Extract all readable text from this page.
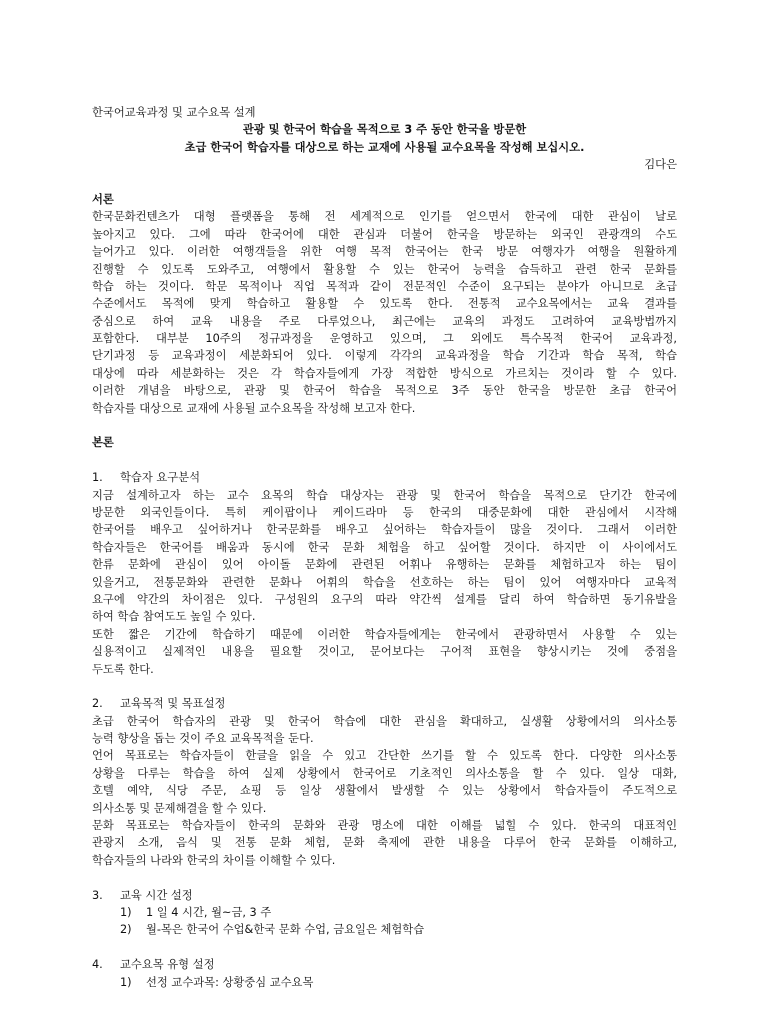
한국어교육과정 및 교수요목 설계
관광 및 한국어 학습을 목적으로 3 주 동안 한국을 방문한
초급 한국어 학습자를 대상으로 하는 교재에 사용될 교수요목을 작성해 보십시오.
김다은
서론
한국문화컨텐츠가 대형 플랫폼을 통해 전 세계적으로 인기를 얻으면서 한국에 대한 관심이 날로
높아지고 있다. 그에 따라 한국어에 대한 관심과 더불어 한국을 방문하는 외국인 관광객의 수도
늘어가고 있다. 이러한 여행객들을 위한 여행 목적 한국어는 한국 방문 여행자가 여행을 원활하게
진행할 수 있도록 도와주고, 여행에서 활용할 수 있는 한국어 능력을 습득하고 관련 한국 문화를
학습 하는 것이다. 학문 목적이나 직업 목적과 같이 전문적인 수준이 요구되는 분야가 아니므로 초급
수준에서도 목적에 맞게 학습하고 활용할 수 있도록 한다. 전통적 교수요목에서는 교육 결과를
중심으로 하여 교육 내용을 주로 다루었으나, 최근에는 교육의 과정도 고려하여 교육방법까지
포함한다. 대부분 10주의 정규과정을 운영하고 있으며, 그 외에도 특수목적 한국어 교육과정,
단기과정 등 교육과정이 세분화되어 있다. 이렇게 각각의 교육과정을 학습 기간과 학습 목적, 학습
대상에 따라 세분화하는 것은 각 학습자들에게 가장 적합한 방식으로 가르치는 것이라 할 수 있다.
이러한 개념을 바탕으로, 관광 및 한국어 학습을 목적으로 3주 동안 한국을 방문한 초급 한국어
학습자를 대상으로 교재에 사용될 교수요목을 작성해 보고자 한다.
본론
1. 학습자 요구분석
지금 설계하고자 하는 교수 요목의 학습 대상자는 관광 및 한국어 학습을 목적으로 단기간 한국에
방문한 외국인들이다. 특히 케이팝이나 케이드라마 등 한국의 대중문화에 대한 관심에서 시작해
한국어를 배우고 싶어하거나 한국문화를 배우고 싶어하는 학습자들이 많을 것이다. 그래서 이러한
학습자들은 한국어를 배움과 동시에 한국 문화 체험을 하고 싶어할 것이다. 하지만 이 사이에서도
한류 문화에 관심이 있어 아이돌 문화에 관련된 어휘나 유행하는 문화를 체험하고자 하는 팀이
있을거고, 전통문화와 관련한 문화나 어휘의 학습을 선호하는 하는 팀이 있어 여행자마다 교육적
요구에 약간의 차이점은 있다. 구성원의 요구의 따라 약간씩 설계를 달리 하여 학습하면 동기유발을
하여 학습 참여도도 높일 수 있다.
또한 짧은 기간에 학습하기 때문에 이러한 학습자들에게는 한국에서 관광하면서 사용할 수 있는
실용적이고 실제적인 내용을 필요할 것이고, 문어보다는 구어적 표현을 향상시키는 것에 중점을
두도록 한다.
2. 교육목적 및 목표설정
초급 한국어 학습자의 관광 및 한국어 학습에 대한 관심을 확대하고, 실생활 상황에서의 의사소통
능력 향상을 돕는 것이 주요 교육목적을 둔다.
언어 목표로는 학습자들이 한글을 읽을 수 있고 간단한 쓰기를 할 수 있도록 한다. 다양한 의사소통
상황을 다루는 학습을 하여 실제 상황에서 한국어로 기초적인 의사소통을 할 수 있다. 일상 대화,
호텔 예약, 식당 주문, 쇼핑 등 일상 생활에서 발생할 수 있는 상황에서 학습자들이 주도적으로
의사소통 및 문제해결을 할 수 있다.
문화 목표로는 학습자들이 한국의 문화와 관광 명소에 대한 이해를 넓힐 수 있다. 한국의 대표적인
관광지 소개, 음식 및 전통 문화 체험, 문화 축제에 관한 내용을 다루어 한국 문화를 이해하고,
학습자들의 나라와 한국의 차이를 이해할 수 있다.
3. 교육 시간 설정
1) 1 일 4 시간, 월~금, 3 주
2) 월-목은 한국어 수업&한국 문화 수업, 금요일은 체험학습
4. 교수요목 유형 설정
1) 선정 교수과목: 상황중심 교수요목
